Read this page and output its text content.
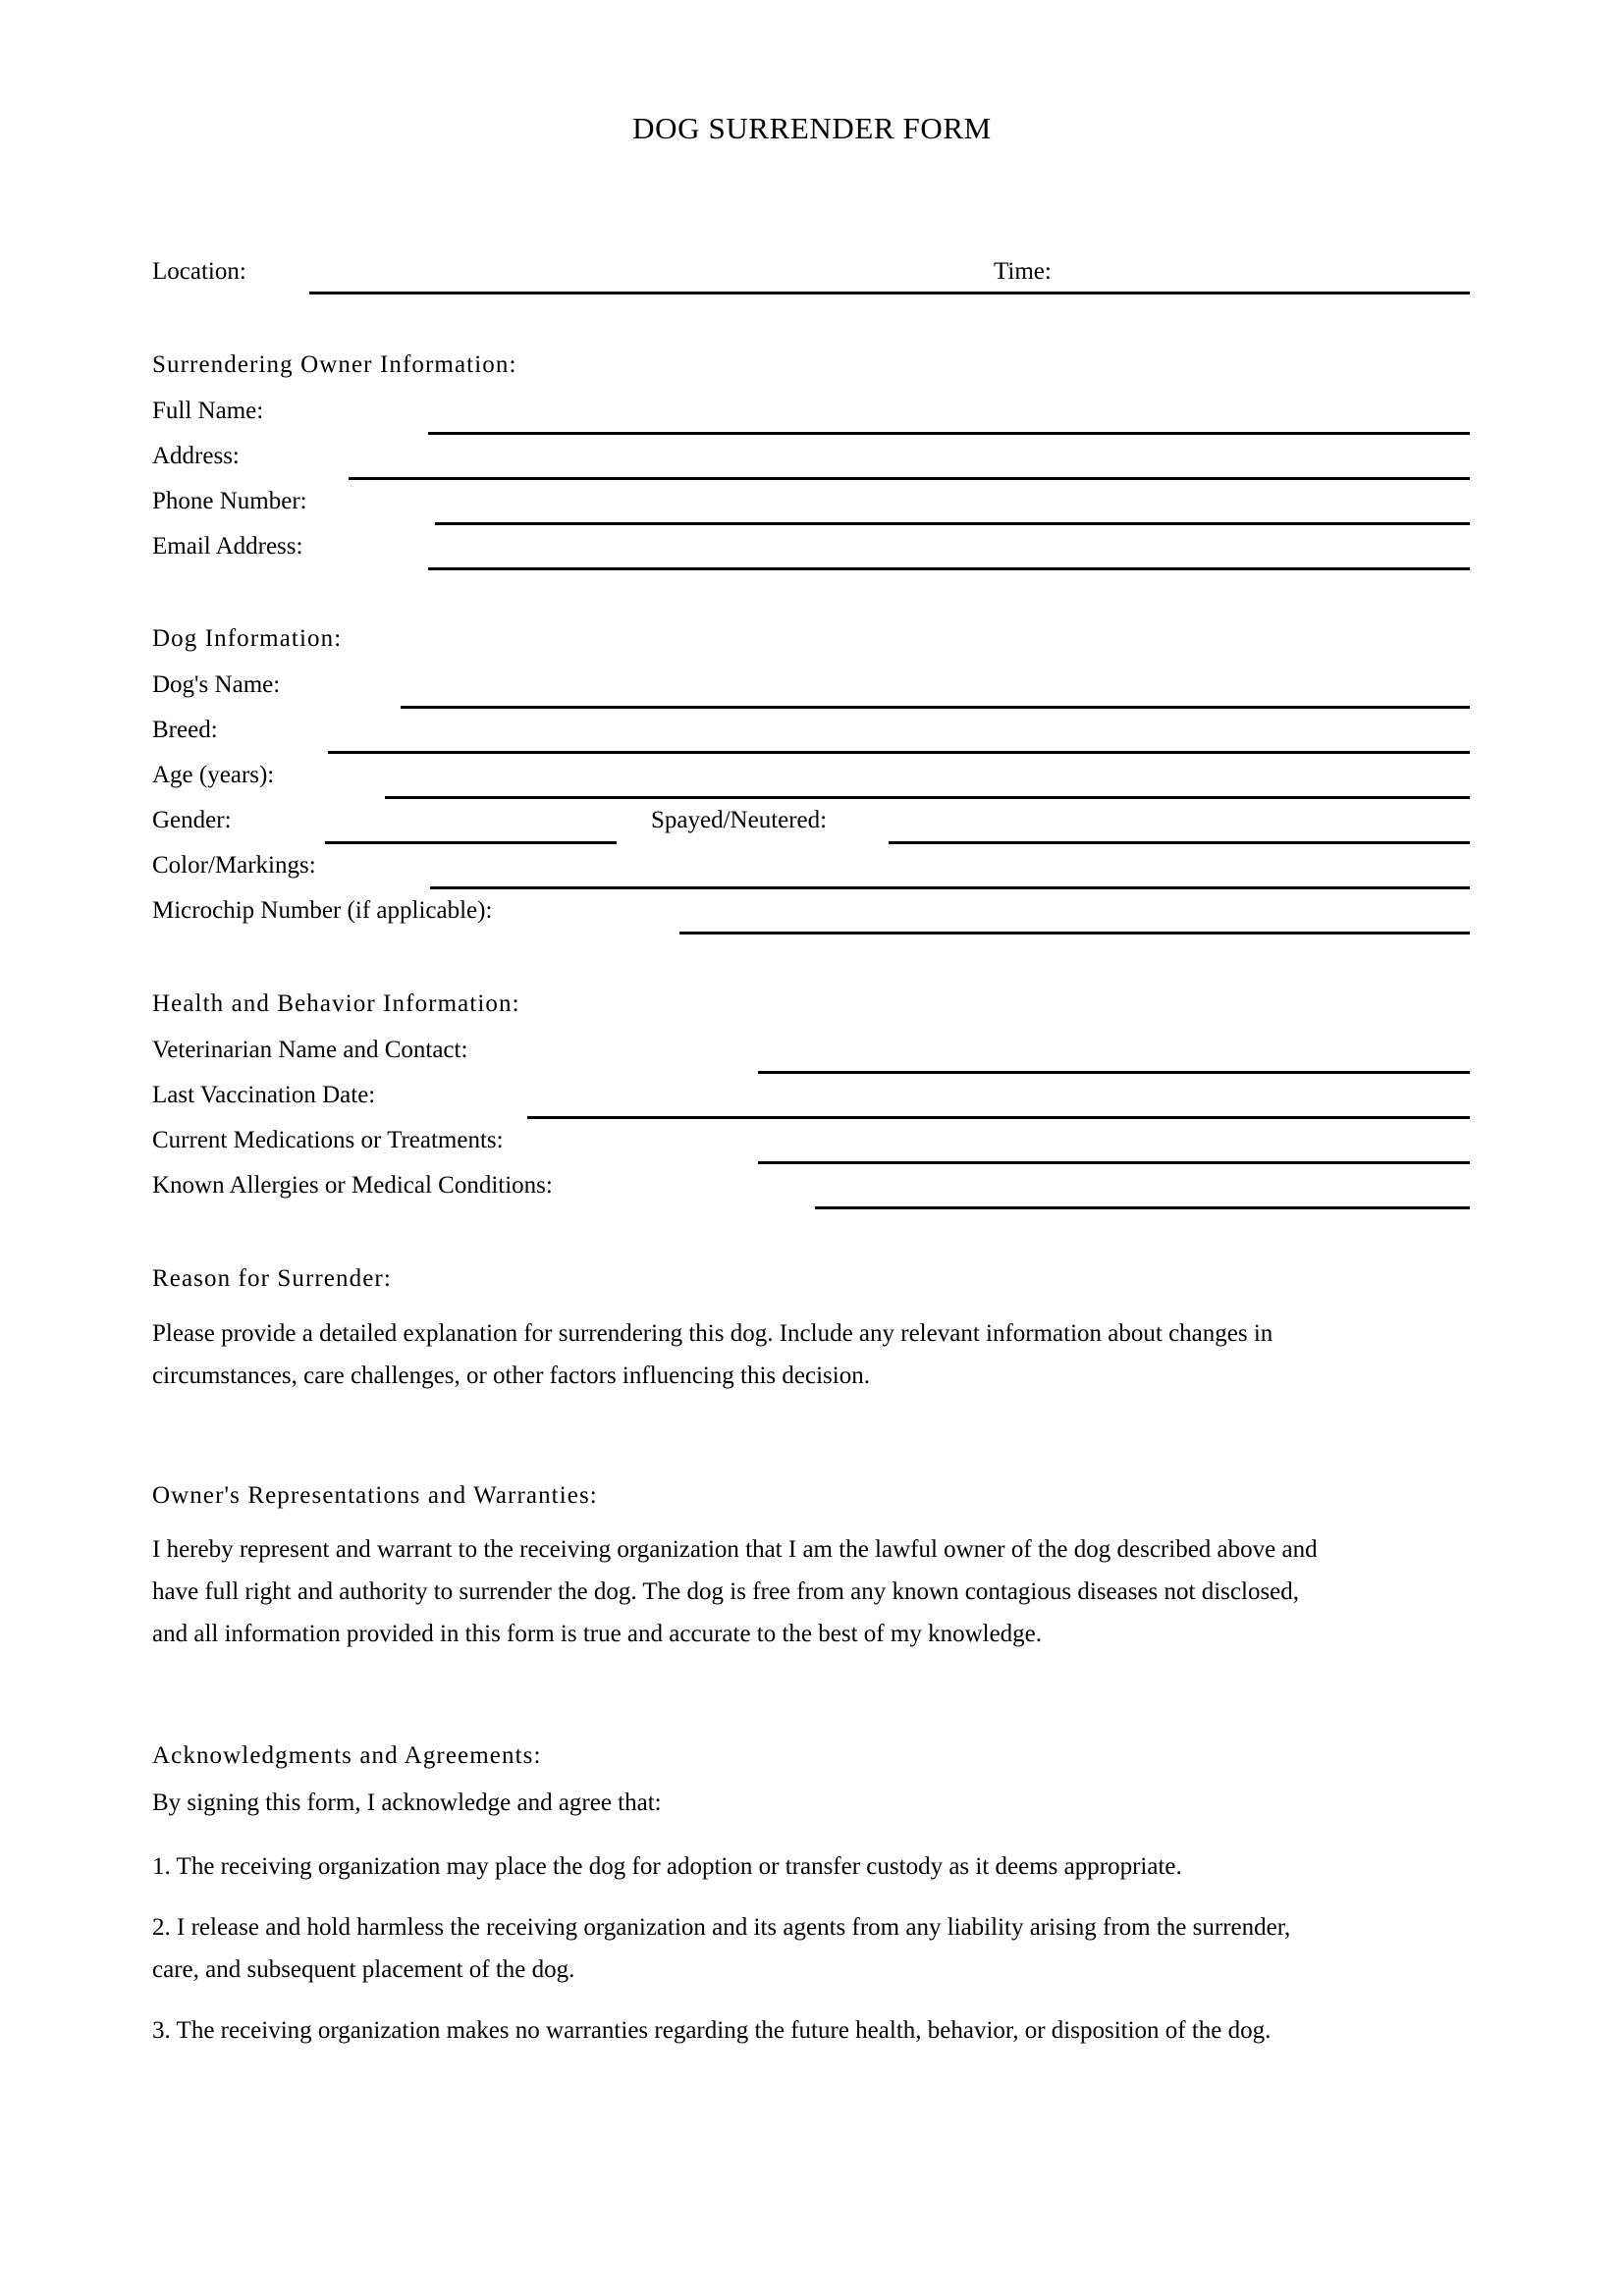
DOG SURRENDER FORM
Location:	Time:
Surrendering Owner Information:
Full Name:
Address:
Phone Number:
Email Address:
Dog Information:
Dog's Name:
Breed:
Age (years):
Gender:	Spayed/Neutered:
Color/Markings:
Microchip Number (if applicable):
Health and Behavior Information:
Veterinarian Name and Contact:
Last Vaccination Date:
Current Medications or Treatments:
Known Allergies or Medical Conditions:
Reason for Surrender:
Please provide a detailed explanation for surrendering this dog. Include any relevant information about changes in
circumstances, care challenges, or other factors influencing this decision.
Owner's Representations and Warranties:
I hereby represent and warrant to the receiving organization that I am the lawful owner of the dog described above and
have full right and authority to surrender the dog. The dog is free from any known contagious diseases not disclosed,
and all information provided in this form is true and accurate to the best of my knowledge.
Acknowledgments and Agreements:
By signing this form, I acknowledge and agree that:
1. The receiving organization may place the dog for adoption or transfer custody as it deems appropriate.
2. I release and hold harmless the receiving organization and its agents from any liability arising from the surrender,
care, and subsequent placement of the dog.
3. The receiving organization makes no warranties regarding the future health, behavior, or disposition of the dog.
